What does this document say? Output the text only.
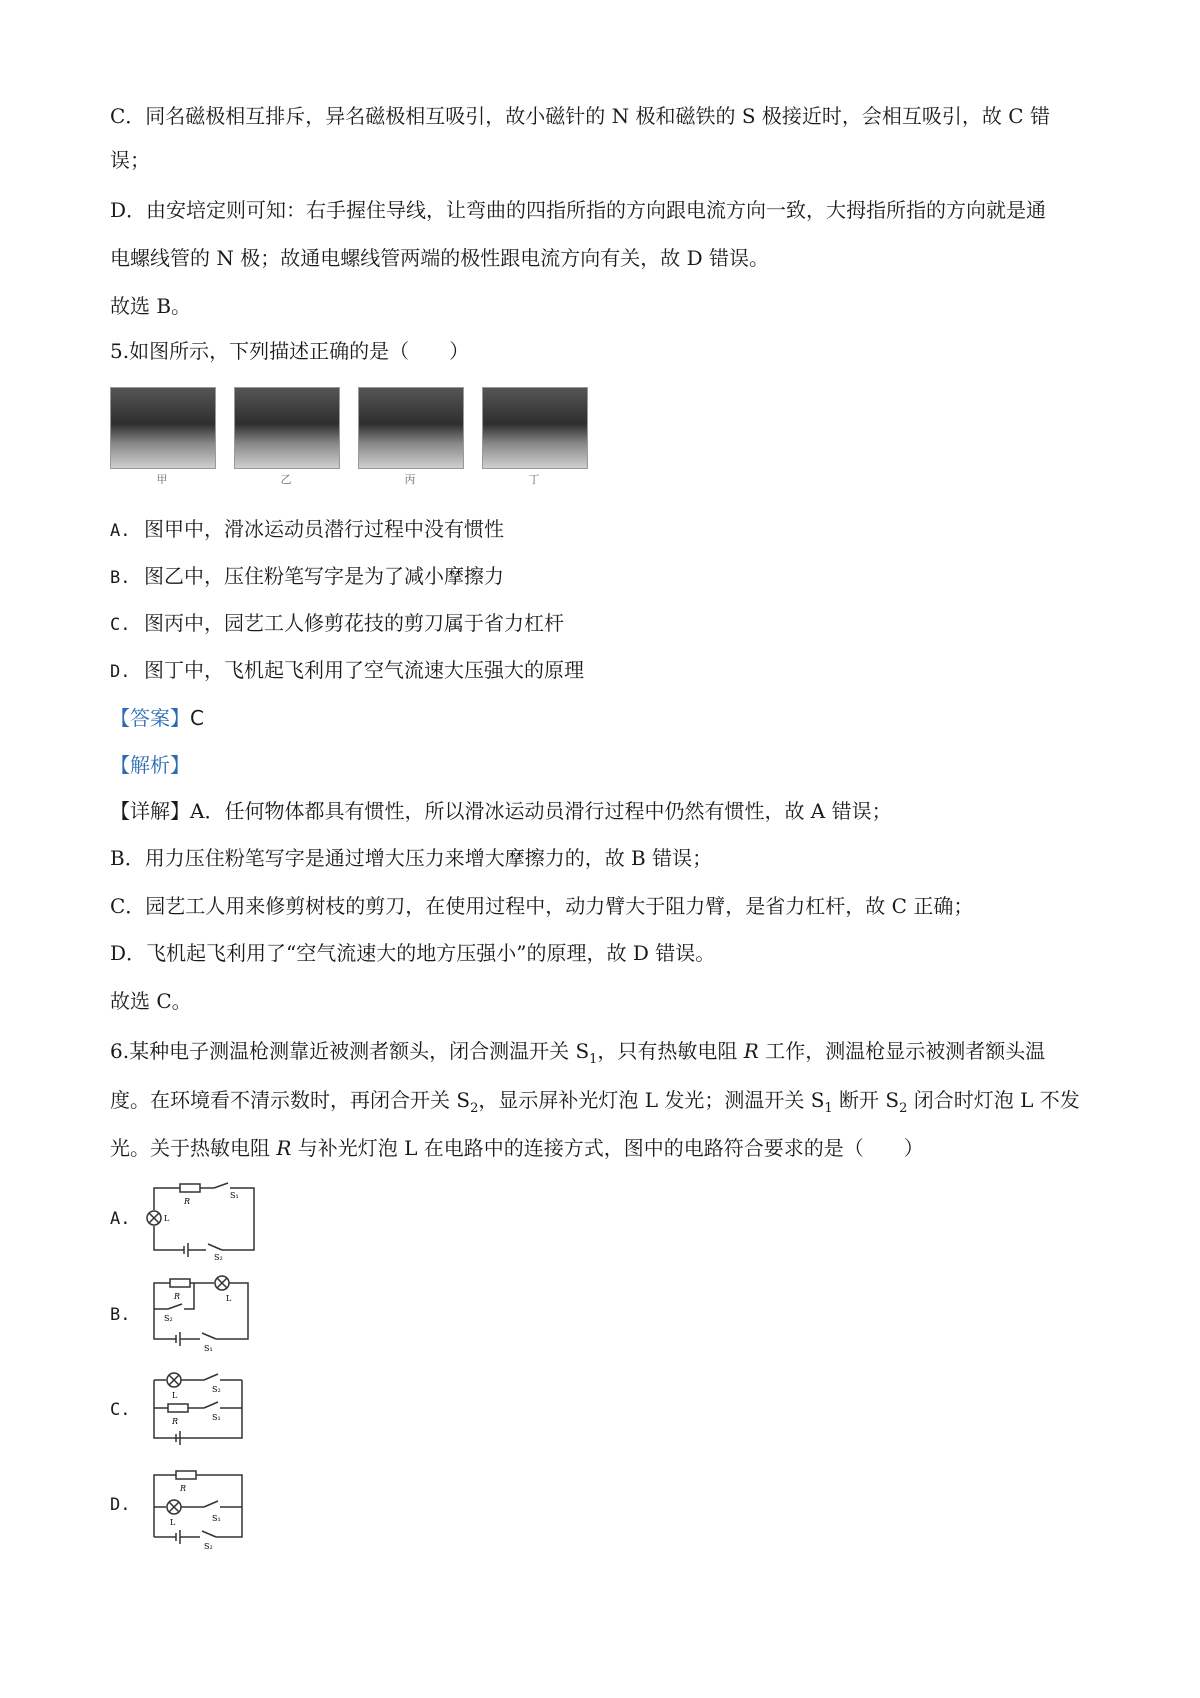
C．同名磁极相互排斥，异名磁极相互吸引，故小磁针的 N 极和磁铁的 S 极接近时，会相互吸引，故 C 错
误；
D．由安培定则可知：右手握住导线，让弯曲的四指所指的方向跟电流方向一致，大拇指所指的方向就是通
电螺线管的 N 极；故通电螺线管两端的极性跟电流方向有关，故 D 错误。
故选 B。
5.如图所示，下列描述正确的是（　　）
甲	乙	丙	丁
A. 图甲中，滑冰运动员潜行过程中没有惯性
B. 图乙中，压住粉笔写字是为了减小摩擦力
C. 图丙中，园艺工人修剪花技的剪刀属于省力杠杆
D. 图丁中，飞机起飞利用了空气流速大压强大的原理
【答案】C
【解析】
【详解】A．任何物体都具有惯性，所以滑冰运动员滑行过程中仍然有惯性，故 A 错误；
B．用力压住粉笔写字是通过增大压力来增大摩擦力的，故 B 错误；
C．园艺工人用来修剪树枝的剪刀，在使用过程中，动力臂大于阻力臂，是省力杠杆，故 C 正确；
D．飞机起飞利用了“空气流速大的地方压强小”的原理，故 D 错误。
故选 C。
6.某种电子测温枪测靠近被测者额头，闭合测温开关 $S_1$，只有热敏电阻 R 工作，测温枪显示被测者额头温
度。在环境看不清示数时，再闭合开关 $S_2$，显示屏补光灯泡 L 发光；测温开关 $S_1$ 断开 $S_2$ 闭合时灯泡 L 不发
光。关于热敏电阻 R 与补光灯泡 L 在电路中的连接方式，图中的电路符合要求的是（　　）
A.
R
L
S₁
S₂
B.
R	L
S₂
S₁
C.
L
S₂
R	S₁
D.
R
L	S₁
S₂
